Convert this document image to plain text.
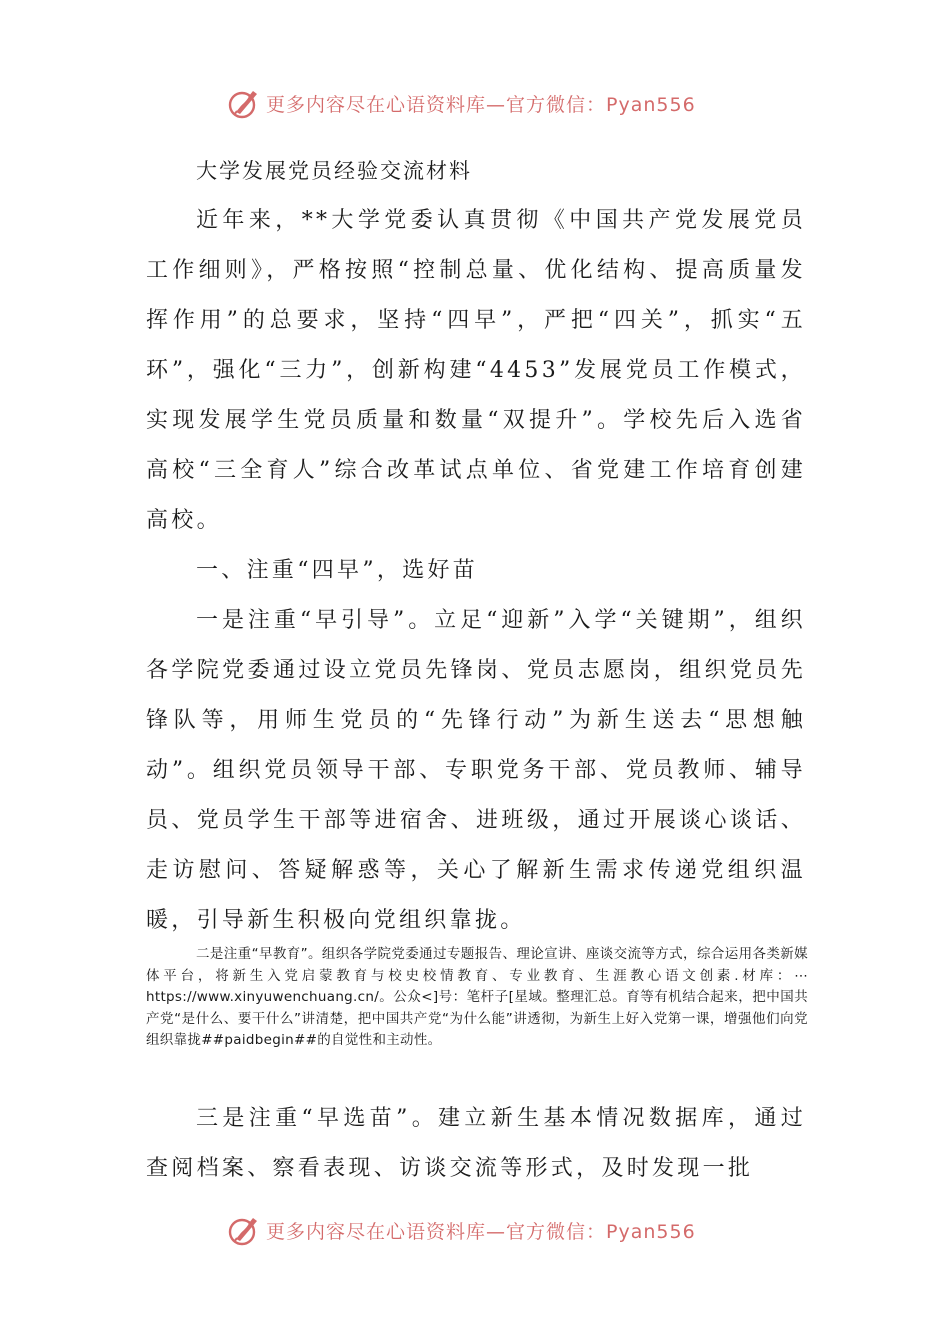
更多内容尽在心语资料库—官方微信：Pyan556
大学发展党员经验交流材料

近年来，**大学党委认真贯彻《中国共产党发展党员工作细则》，严格按照“控制总量、优化结构、提高质量发挥作用”的总要求，坚持“四早”，严把“四关”，抓实“五环”，强化“三力”，创新构建“4453”发展党员工作模式，实现发展学生党员质量和数量“双提升”。学校先后入选省高校“三全育人”综合改革试点单位、省党建工作培育创建高校。

一、注重“四早”，选好苗

一是注重“早引导”。立足“迎新”入学“关键期”，组织各学院党委通过设立党员先锋岗、党员志愿岗，组织党员先锋队等，用师生党员的“先锋行动”为新生送去“思想触动”。组织党员领导干部、专职党务干部、党员教师、辅导员、党员学生干部等进宿舍、进班级，通过开展谈心谈话、走访慰问、答疑解惑等，关心了解新生需求传递党组织温暖，引导新生积极向党组织靠拢。

二是注重“早教育”。组织各学院党委通过专题报告、理论宣讲、座谈交流等方式，综合运用各类新媒体平台，将新生入党启蒙教育与校史校情教育、专业教育、生涯教心语文创素.材库：⋯https://www.xinyuwenchuang.cn/。公众<]号：笔杆子[星域。整理汇总。育等有机结合起来，把中国共产党“是什么、要干什么”讲清楚，把中国共产党“为什么能”讲透彻，为新生上好入党第一课，增强他们向党组织靠拢##paidbegin##的自觉性和主动性。

三是注重“早选苗”。建立新生基本情况数据库，通过查阅档案、察看表现、访谈交流等形式，及时发现一批

更多内容尽在心语资料库—官方微信：Pyan556
